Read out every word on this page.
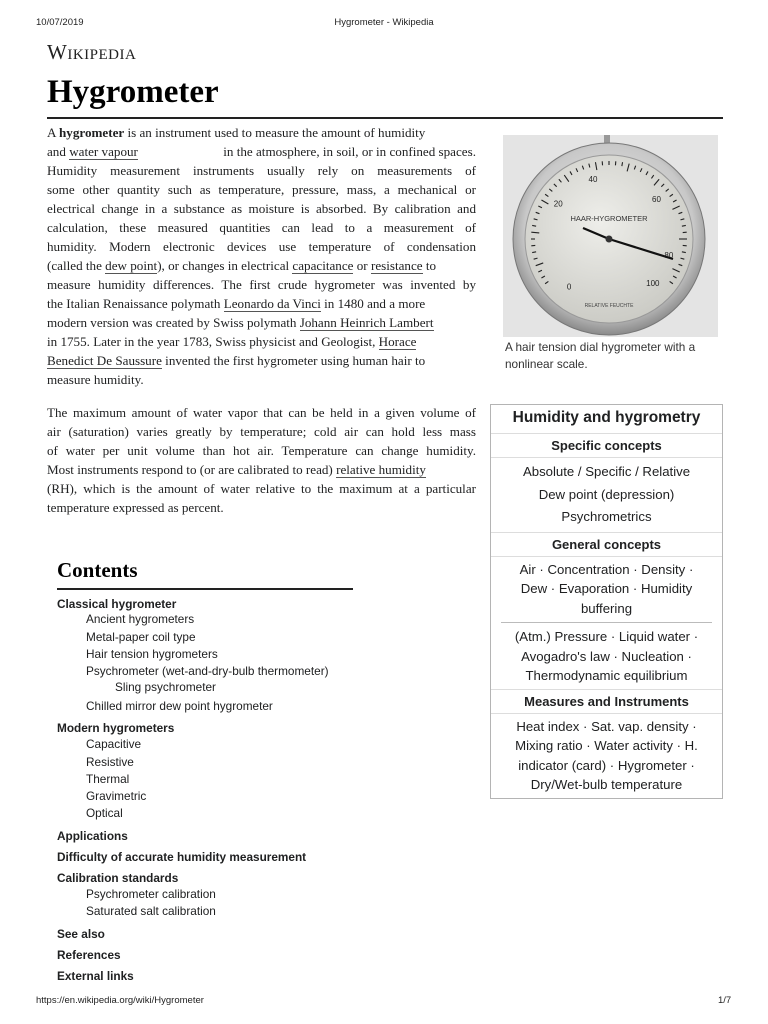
10/07/2019	Hygrometer - Wikipedia
Wikipedia
Hygrometer
A hygrometer is an instrument used to measure the amount of humidity
and water vapour	in the atmosphere, in soil, or in confined spaces.
Humidity measurement instruments usually rely on measurements of
some other quantity such as temperature, pressure, mass, a mechanical or
electrical change in a substance as moisture is absorbed. By calibration and
calculation, these measured quantities can lead to a measurement of
humidity. Modern electronic devices use temperature of condensation
(called the dew point), or changes in electrical capacitance or resistance to
measure humidity differences. The first crude hygrometer was invented by
the Italian Renaissance polymath Leonardo da Vinci in 1480 and a more
modern version was created by Swiss polymath Johann Heinrich Lambert
in 1755. Later in the year 1783, Swiss physicist and Geologist, Horace
Benedict De Saussure invented the first hygrometer using human hair to
measure humidity.
The maximum amount of water vapor that can be held in a given volume of
air (saturation) varies greatly by temperature; cold air can hold less mass
of water per unit volume than hot air. Temperature can change humidity.
Most instruments respond to (or are calibrated to read) relative humidity
(RH), which is the amount of water relative to the maximum at a particular
temperature expressed as percent.
0
20
40
60
80
100
HAAR-HYGROMETER
RELATIVE FEUCHTE
A hair tension dial hygrometer with a nonlinear scale.
Humidity and hygrometry
Specific concepts
Absolute / Specific / Relative
Dew point (depression)
Psychrometrics
General concepts
Air · Concentration · Density ·
Dew · Evaporation · Humidity
buffering
(Atm.) Pressure · Liquid water ·
Avogadro's law · Nucleation ·
Thermodynamic equilibrium
Measures and Instruments
Heat index · Sat. vap. density ·
Mixing ratio · Water activity · H.
indicator (card) · Hygrometer ·
Dry/Wet-bulb temperature
Contents
Classical hygrometer
Ancient hygrometers
Metal-paper coil type
Hair tension hygrometers
Psychrometer (wet-and-dry-bulb thermometer)
Sling psychrometer
Chilled mirror dew point hygrometer
Modern hygrometers
Capacitive
Resistive
Thermal
Gravimetric
Optical
Applications
Difficulty of accurate humidity measurement
Calibration standards
Psychrometer calibration
Saturated salt calibration
See also
References
External links
https://en.wikipedia.org/wiki/Hygrometer	1/7
